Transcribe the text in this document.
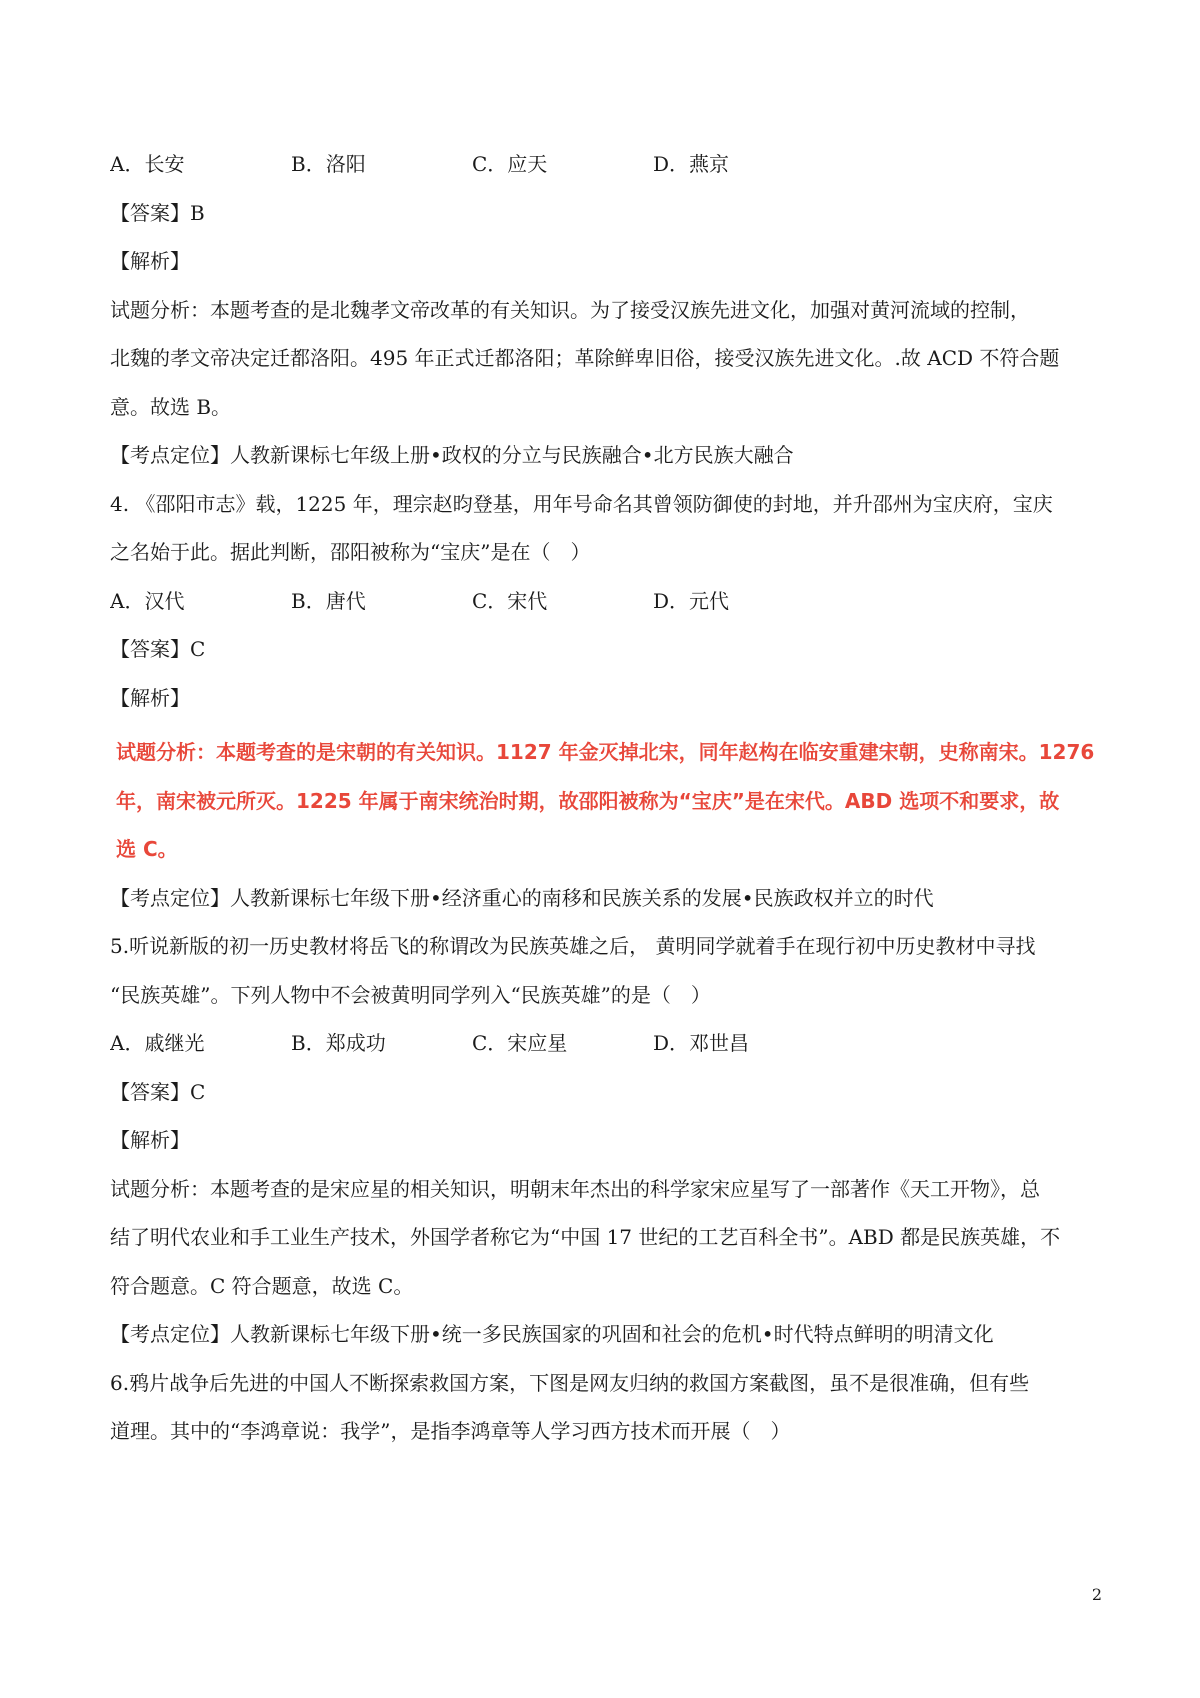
A．长安	B．洛阳	C．应天	D．燕京
【答案】B
【解析】
试题分析：本题考查的是北魏孝文帝改革的有关知识。为了接受汉族先进文化，加强对黄河流域的控制，
北魏的孝文帝决定迁都洛阳。495 年正式迁都洛阳；革除鲜卑旧俗，接受汉族先进文化。.故 ACD 不符合题
意。故选 B。
【考点定位】人教新课标七年级上册•政权的分立与民族融合•北方民族大融合
4. 《邵阳市志》载，1225 年，理宗赵昀登基，用年号命名其曾领防御使的封地，并升邵州为宝庆府，宝庆
之名始于此。据此判断，邵阳被称为“宝庆”是在（　）
A．汉代	B．唐代	C．宋代	D．元代
【答案】C
【解析】
试题分析：本题考查的是宋朝的有关知识。1127 年金灭掉北宋，同年赵构在临安重建宋朝，史称南宋。1276
年，南宋被元所灭。1225 年属于南宋统治时期，故邵阳被称为“宝庆”是在宋代。ABD 选项不和要求，故
选 C。
【考点定位】人教新课标七年级下册•经济重心的南移和民族关系的发展•民族政权并立的时代
5.听说新版的初一历史教材将岳飞的称谓改为民族英雄之后， 黄明同学就着手在现行初中历史教材中寻找
“民族英雄”。下列人物中不会被黄明同学列入“民族英雄”的是（　）
A．戚继光	B．郑成功	C．宋应星	D．邓世昌
【答案】C
【解析】
试题分析：本题考查的是宋应星的相关知识，明朝末年杰出的科学家宋应星写了一部著作《天工开物》，总
结了明代农业和手工业生产技术，外国学者称它为“中国 17 世纪的工艺百科全书”。ABD 都是民族英雄，不
符合题意。C 符合题意，故选 C。
【考点定位】人教新课标七年级下册•统一多民族国家的巩固和社会的危机•时代特点鲜明的明清文化
6.鸦片战争后先进的中国人不断探索救国方案，下图是网友归纳的救国方案截图，虽不是很准确，但有些
道理。其中的“李鸿章说：我学”，是指李鸿章等人学习西方技术而开展（　）
2
